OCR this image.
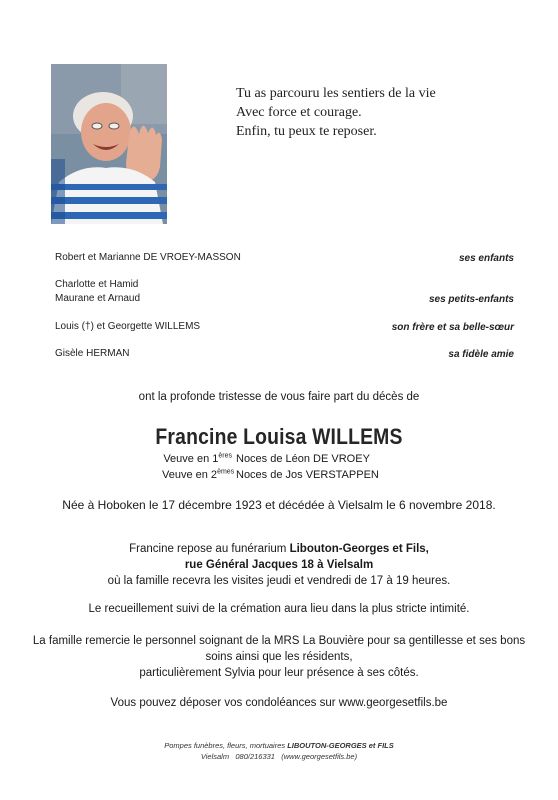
Tu as parcouru les sentiers de la vie
Avec force et courage.
Enfin, tu peux te reposer.
Robert et Marianne DE VROEY-MASSON	ses enfants
Charlotte et Hamid
Maurane et Arnaud	ses petits-enfants
Louis (†) et Georgette WILLEMS	son frère et sa belle-sœur
Gisèle HERMAN	sa fidèle amie
ont la profonde tristesse de vous faire part du décès de
Francine Louisa WILLEMS
Veuve en 1ères Noces de Léon DE VROEY
Veuve en 2èmes Noces de Jos VERSTAPPEN
Née à Hoboken le 17 décembre 1923 et décédée à Vielsalm le 6 novembre 2018.
Francine repose au funérarium Libouton-Georges et Fils,
rue Général Jacques 18 à Vielsalm
où la famille recevra les visites jeudi et vendredi de 17 à 19 heures.
Le recueillement suivi de la crémation aura lieu dans la plus stricte intimité.
La famille remercie le personnel soignant de la MRS La Bouvière pour sa gentillesse et ses bons
soins ainsi que les résidents,
particulièrement Sylvia pour leur présence à ses côtés.
Vous pouvez déposer vos condoléances sur www.georgesetfils.be
Pompes funèbres, fleurs, mortuaires LIBOUTON-GEORGES et FILS
Vielsalm   080/216331   (www.georgesetfils.be)
